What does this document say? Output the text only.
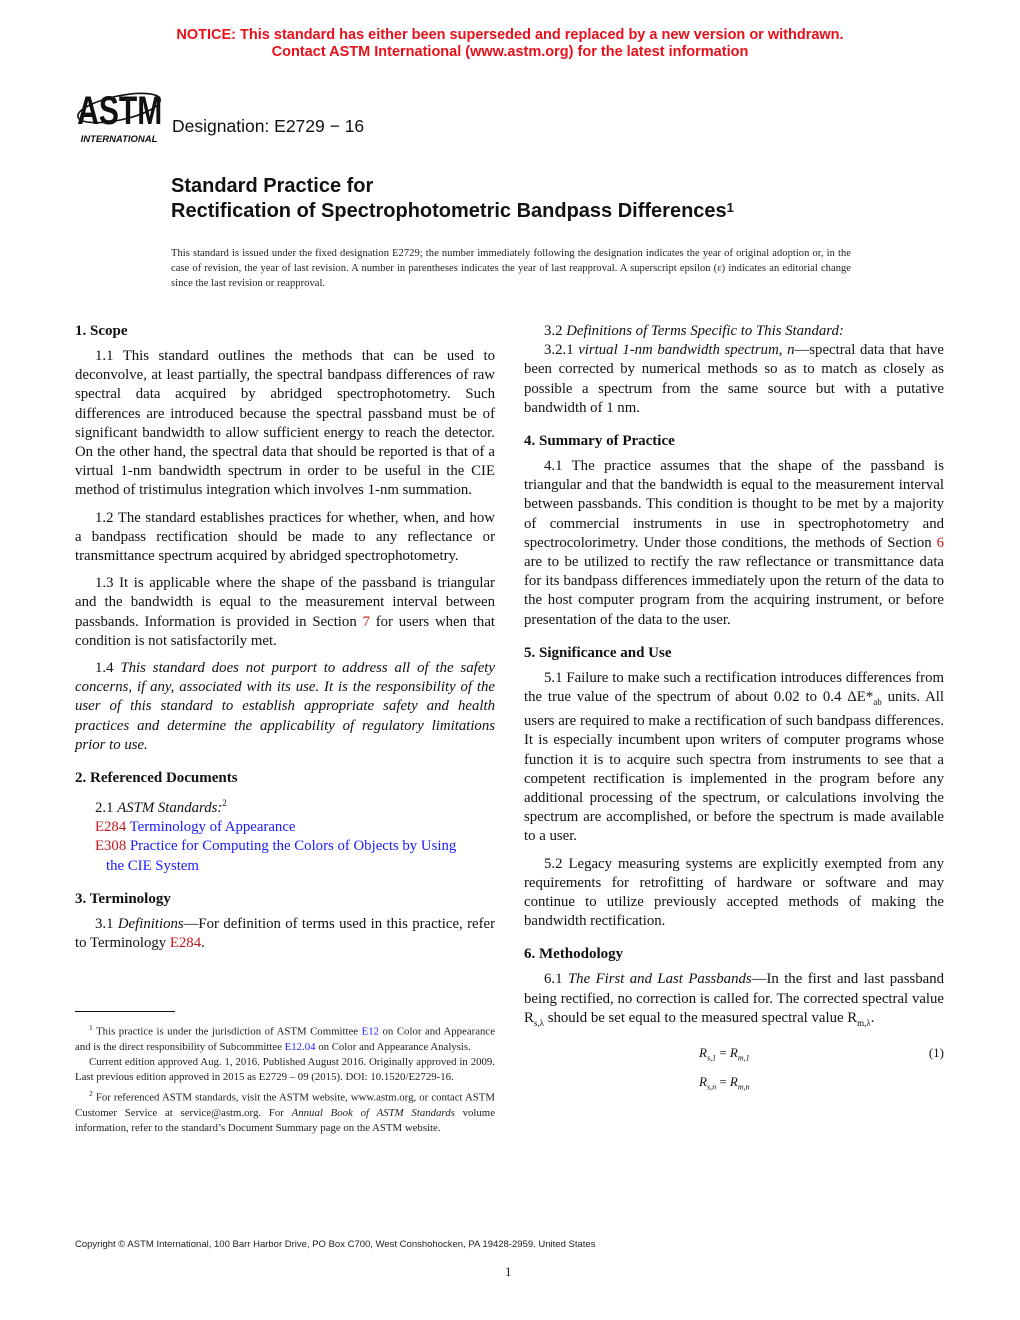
NOTICE: This standard has either been superseded and replaced by a new version or withdrawn.
Contact ASTM International (www.astm.org) for the latest information
ASTM
INTERNATIONAL
Designation: E2729 − 16
Standard Practice for
Rectification of Spectrophotometric Bandpass Differences$^1$
This standard is issued under the fixed designation E2729; the number immediately following the designation indicates the year of original adoption or, in the case of revision, the year of last revision. A number in parentheses indicates the year of last reapproval. A superscript epsilon (ε) indicates an editorial change since the last revision or reapproval.
1. Scope

1.1 This standard outlines the methods that can be used to deconvolve, at least partially, the spectral bandpass differences of raw spectral data acquired by abridged spectrophotometry. Such differences are introduced because the spectral passband must be of significant bandwidth to allow sufficient energy to reach the detector. On the other hand, the spectral data that should be reported is that of a virtual 1-nm bandwidth spectrum in order to be useful in the CIE method of tristimulus integration which involves 1-nm summation.

1.2 The standard establishes practices for whether, when, and how a bandpass rectification should be made to any reflectance or transmittance spectrum acquired by abridged spectrophotometry.

1.3 It is applicable where the shape of the passband is triangular and the bandwidth is equal to the measurement interval between passbands. Information is provided in Section 7 for users when that condition is not satisfactorily met.

1.4 This standard does not purport to address all of the safety concerns, if any, associated with its use. It is the responsibility of the user of this standard to establish appropriate safety and health practices and determine the applicability of regulatory limitations prior to use.

2. Referenced Documents

2.1 ASTM Standards:$^2$

E284 Terminology of Appearance
E308 Practice for Computing the Colors of Objects by Using
the CIE System
3. Terminology

3.1 Definitions—For definition of terms used in this practice, refer to Terminology E284.

$^1$ This practice is under the jurisdiction of ASTM Committee E12 on Color and Appearance and is the direct responsibility of Subcommittee E12.04 on Color and Appearance Analysis.

Current edition approved Aug. 1, 2016. Published August 2016. Originally approved in 2009. Last previous edition approved in 2015 as E2729 – 09 (2015). DOI: 10.1520/E2729-16.

$^2$ For referenced ASTM standards, visit the ASTM website, www.astm.org, or contact ASTM Customer Service at service@astm.org. For Annual Book of ASTM Standards volume information, refer to the standard’s Document Summary page on the ASTM website.

3.2 Definitions of Terms Specific to This Standard:

3.2.1 virtual 1-nm bandwidth spectrum, n—spectral data that have been corrected by numerical methods so as to match as closely as possible a spectrum from the same source but with a putative bandwidth of 1 nm.

4. Summary of Practice

4.1 The practice assumes that the shape of the passband is triangular and that the bandwidth is equal to the measurement interval between passbands. This condition is thought to be met by a majority of commercial instruments in use in spectrophotometry and spectrocolorimetry. Under those conditions, the methods of Section 6 are to be utilized to rectify the raw reflectance or transmittance data for its bandpass differences immediately upon the return of the data to the host computer program from the acquiring instrument, or before presentation of the data to the user.

5. Significance and Use

5.1 Failure to make such a rectification introduces differences from the true value of the spectrum of about 0.02 to 0.4 $\Delta E*_{ab}$ units. All users are required to make a rectification of such bandpass differences. It is especially incumbent upon writers of computer programs whose function it is to acquire such spectra from instruments to see that a competent rectification is implemented in the program before any additional processing of the spectrum, or calculations involving the spectrum are accomplished, or before the spectrum is made available to a user.

5.2 Legacy measuring systems are explicitly exempted from any requirements for retrofitting of hardware or software and may continue to utilize previously accepted methods of making the bandwidth rectification.

6. Methodology

6.1 The First and Last Passbands—In the first and last passband being rectified, no correction is called for. The corrected spectral value $R_{s,\lambda}$ should be set equal to the measured spectral value $R_{m,\lambda}$.

$R_{s,1} = R_{m,1}$	(1)
$R_{s,n} = R_{m,n}$
Copyright © ASTM International, 100 Barr Harbor Drive, PO Box C700, West Conshohocken, PA 19428-2959. United States
1
